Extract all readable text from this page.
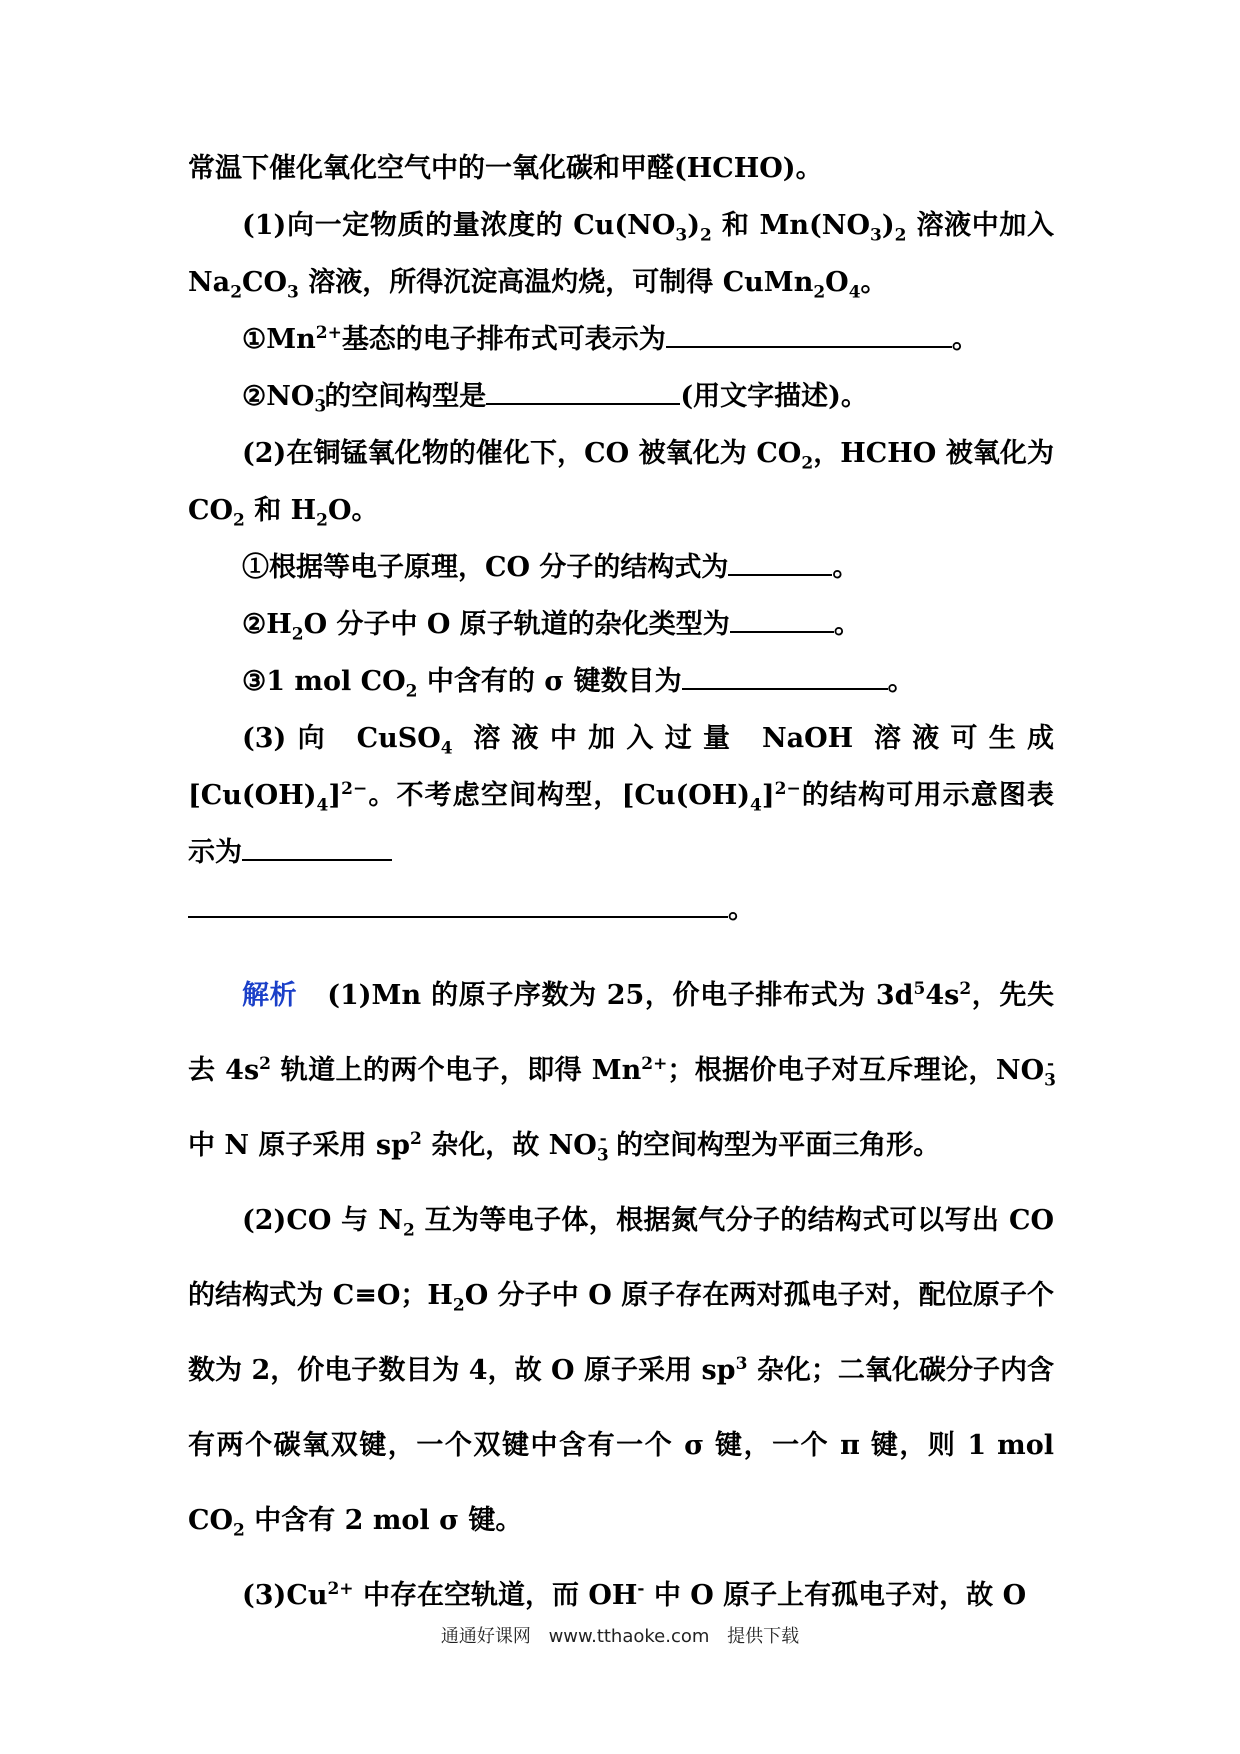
常温下催化氧化空气中的一氧化碳和甲醛(HCHO)。
(1)向一定物质的量浓度的 $Cu(NO_3)_2$ 和 $Mn(NO_3)_2$ 溶液中加入 $Na_2CO_3$ 溶液，所得沉淀高温灼烧，可制得 $CuMn_2O_4$。
$①Mn^{2+}$基态的电子排布式可表示为	。
$②NO_3^-$的空间构型是	(用文字描述)。
(2)在铜锰氧化物的催化下，CO 被氧化为 $CO_2$，HCHO 被氧化为 $CO_2$ 和 $H_2O$。
①根据等电子原理，CO 分子的结构式为	。
$②H_2O$ 分子中 O 原子轨道的杂化类型为	。
③1 mol $CO_2$ 中含有的 σ 键数目为	。
(3)向 CuSO$_4$ 溶液中加入过量 NaOH 溶液可生成$[Cu(OH)_4]^{2-}$。不考虑空间构型，$[Cu(OH)_4]^{2-}$的结构可用示意图表示为
。
解析 (1)Mn 的原子序数为 25，价电子排布式为 $3d^54s^2$，先失去 $4s^2$ 轨道上的两个电子，即得 $Mn^{2+}$；根据价电子对互斥理论，$NO_3^-$ 中 N 原子采用 $sp^2$ 杂化，故 $NO_3^-$ 的空间构型为平面三角形。
(2)CO 与 $N_2$ 互为等电子体，根据氮气分子的结构式可以写出 CO 的结构式为 C≡O；$H_2O$ 分子中 O 原子存在两对孤电子对，配位原子个数为 2，价电子数目为 4，故 O 原子采用 $sp^3$ 杂化；二氧化碳分子内含有两个碳氧双键，一个双键中含有一个 σ 键，一个 π 键，则 1 mol $CO_2$ 中含有 2 mol σ 键。
$(3)Cu^{2+}$ 中存在空轨道，而 OH- 中 O 原子上有孤电子对，故 O
通通好课网 www.tthaoke.com 提供下载
